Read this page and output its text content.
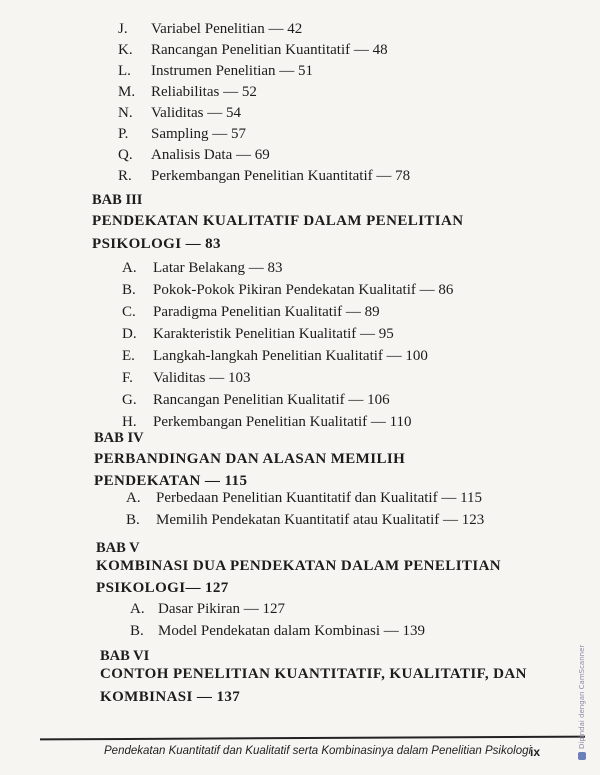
J. Variabel Penelitian — 42
K. Rancangan Penelitian Kuantitatif — 48
L. Instrumen Penelitian — 51
M. Reliabilitas — 52
N. Validitas — 54
P. Sampling — 57
Q. Analisis Data — 69
R. Perkembangan Penelitian Kuantitatif — 78
BAB III
PENDEKATAN KUALITATIF DALAM PENELITIAN
PSIKOLOGI — 83
A. Latar Belakang — 83
B. Pokok-Pokok Pikiran Pendekatan Kualitatif — 86
C. Paradigma Penelitian Kualitatif — 89
D. Karakteristik Penelitian Kualitatif — 95
E. Langkah-langkah Penelitian Kualitatif — 100
F. Validitas — 103
G. Rancangan Penelitian Kualitatif — 106
H. Perkembangan Penelitian Kualitatif — 110
BAB IV
PERBANDINGAN DAN ALASAN MEMILIH
PENDEKATAN — 115
A. Perbedaan Penelitian Kuantitatif dan Kualitatif — 115
B. Memilih Pendekatan Kuantitatif atau Kualitatif — 123
BAB V
KOMBINASI DUA PENDEKATAN DALAM PENELITIAN
PSIKOLOGI— 127
A. Dasar Pikiran — 127
B. Model Pendekatan dalam Kombinasi — 139
BAB VI
CONTOH PENELITIAN KUANTITATIF, KUALITATIF, DAN
KOMBINASI — 137
Pendekatan Kuantitatif dan Kualitatif serta Kombinasinya dalam Penelitian Psikologi
ix
Dipindai dengan CamScanner
